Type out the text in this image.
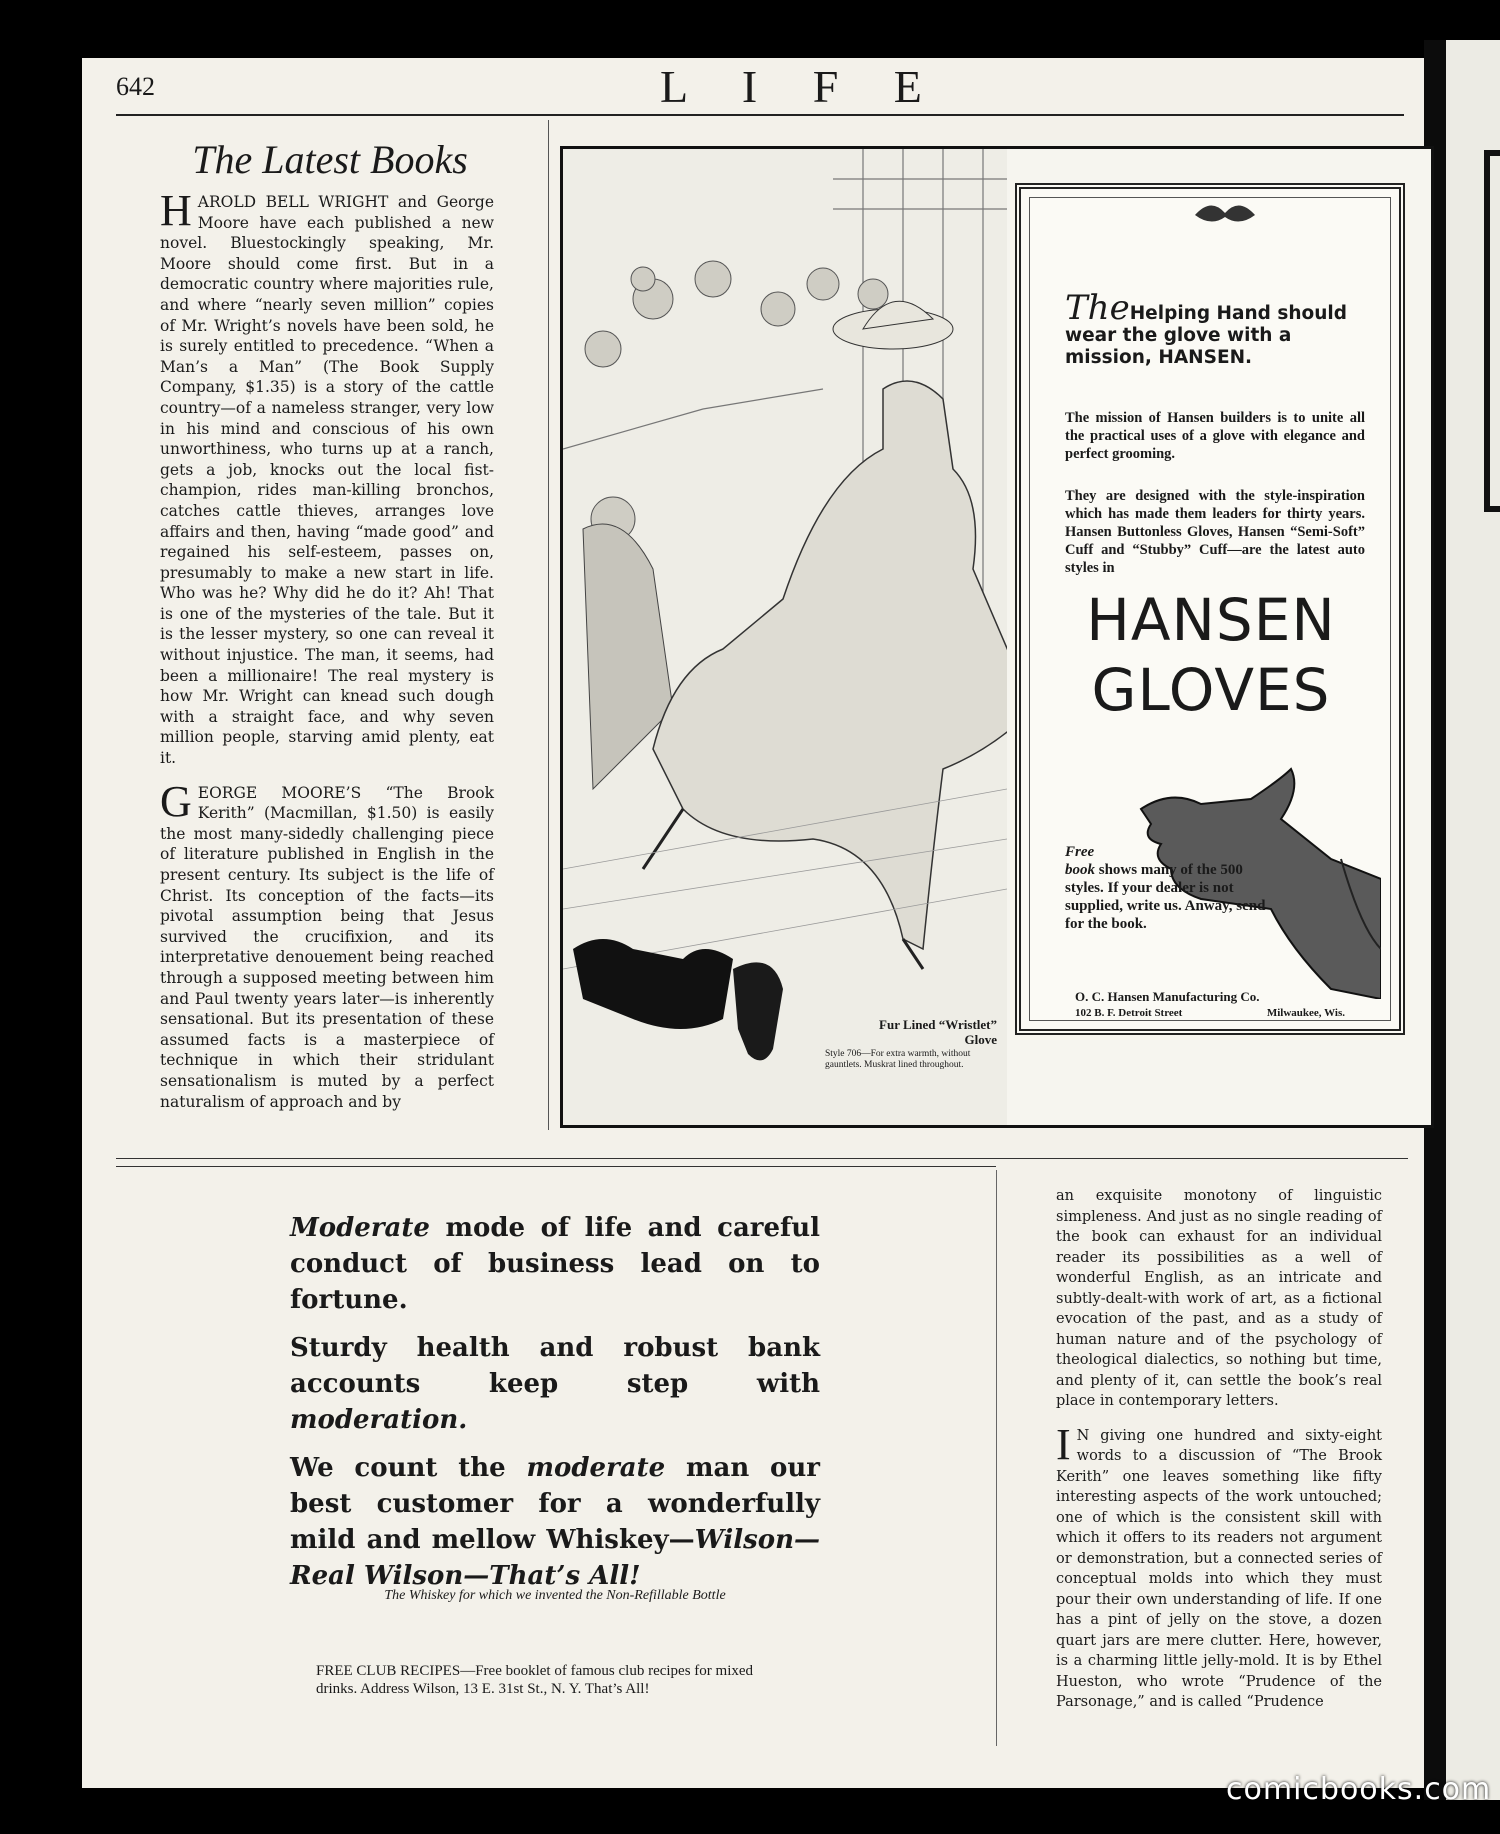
642	L I F E
The Latest Books

HAROLD BELL WRIGHT and George Moore have each published a new novel. Bluestockingly speaking, Mr. Moore should come first. But in a democratic country where majorities rule, and where “nearly seven million” copies of Mr. Wright’s novels have been sold, he is surely entitled to precedence. “When a Man’s a Man” (The Book Supply Company, $1.35) is a story of the cattle country—of a nameless stranger, very low in his mind and conscious of his own unworthiness, who turns up at a ranch, gets a job, knocks out the local fist-champion, rides man-killing bronchos, catches cattle thieves, arranges love affairs and then, having “made good” and regained his self-esteem, passes on, presumably to make a new start in life. Who was he? Why did he do it? Ah! That is one of the mysteries of the tale. But it is the lesser mystery, so one can reveal it without injustice. The man, it seems, had been a millionaire! The real mystery is how Mr. Wright can knead such dough with a straight face, and why seven million people, starving amid plenty, eat it.

GEORGE MOORE’S “The Brook Kerith” (Macmillan, $1.50) is easily the most many-sidedly challenging piece of literature published in English in the present century. Its subject is the life of Christ. Its conception of the facts—its pivotal assumption being that Jesus survived the crucifixion, and its interpretative denouement being reached through a supposed meeting between him and Paul twenty years later—is inherently sensational. But its presentation of these assumed facts is a masterpiece of technique in which their stridulant sensationalism is muted by a perfect naturalism of approach and by

Fur Lined “Wristlet” Glove
Style 706—For extra warmth, without gauntlets. Muskrat lined throughout.
TheHelping Hand should wear the glove with a mission, HANSEN.
The mission of Hansen builders is to unite all the practical uses of a glove with elegance and perfect grooming.
They are designed with the style-inspiration which has made them leaders for thirty years. Hansen Buttonless Gloves, Hansen “Semi-Soft” Cuff and “Stubby” Cuff—are the latest auto styles in
HANSEN
GLOVES
Free
book shows many of the 500 styles. If your dealer is not supplied, write us. Anway, send for the book.
O. C. Hansen Manufacturing Co.
102 B. F. Detroit Street	Milwaukee, Wis.

Moderate mode of life and careful conduct of business lead on to fortune.

Sturdy health and robust bank accounts keep step with moderation.

We count the moderate man our best customer for a wonderfully mild and mellow Whiskey—Wilson—Real Wilson—That’s All!

The Whiskey for which we invented the Non-Refillable Bottle
FREE CLUB RECIPES—Free booklet of famous club recipes for mixed drinks. Address Wilson, 13 E. 31st St., N. Y. That’s All!

an exquisite monotony of linguistic simpleness. And just as no single reading of the book can exhaust for an individual reader its possibilities as a well of wonderful English, as an intricate and subtly-dealt-with work of art, as a fictional evocation of the past, and as a study of human nature and of the psychology of theological dialectics, so nothing but time, and plenty of it, can settle the book’s real place in contemporary letters.

I N giving one hundred and sixty-eight words to a discussion of “The Brook Kerith” one leaves something like fifty interesting aspects of the work untouched; one of which is the consistent skill with which it offers to its readers not argument or demonstration, but a connected series of conceptual molds into which they must pour their own understanding of life. If one has a pint of jelly on the stove, a dozen quart jars are mere clutter. Here, however, is a charming little jelly-mold. It is by Ethel Hueston, who wrote “Prudence of the Parsonage,” and is called “Prudence

comicbooks.com
